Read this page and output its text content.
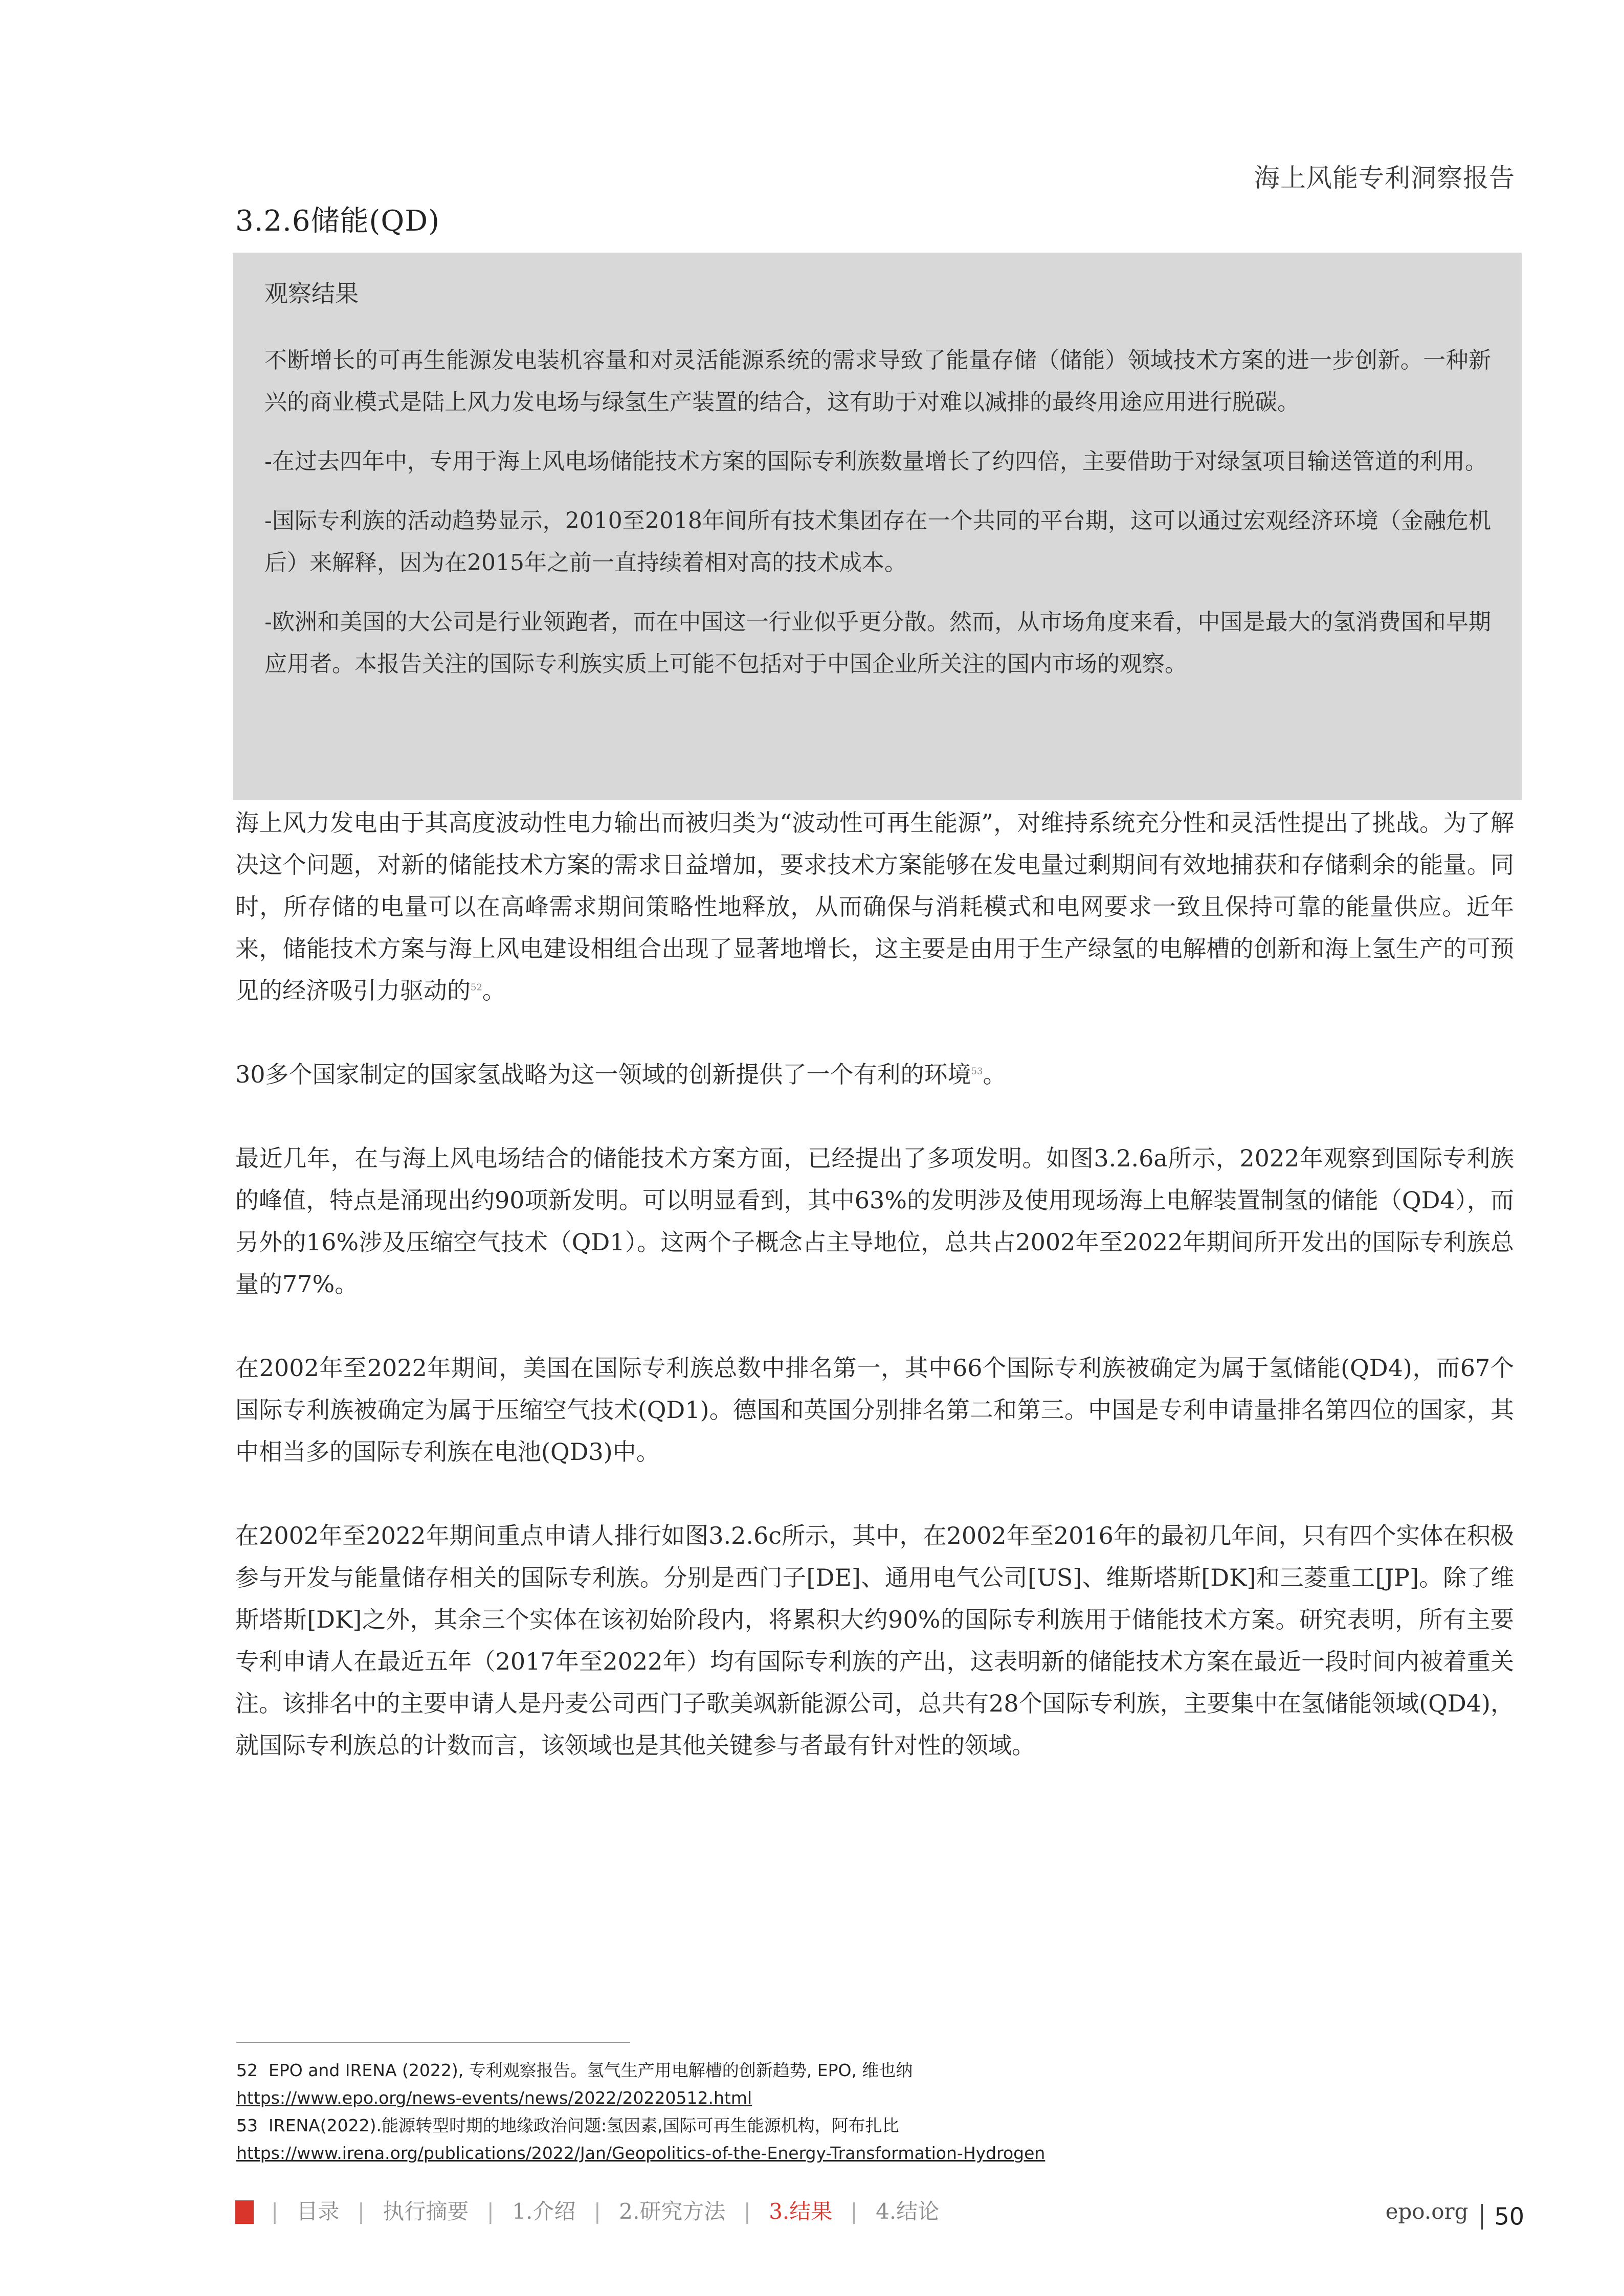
海上风能专利洞察报告
3.2.6储能(QD)
观察结果

不断增长的可再生能源发电装机容量和对灵活能源系统的需求导致了能量存储（储能）领域技术方案的进一步创新。一种新兴的商业模式是陆上风力发电场与绿氢生产装置的结合，这有助于对难以减排的最终用途应用进行脱碳。

-在过去四年中，专用于海上风电场储能技术方案的国际专利族数量增长了约四倍，主要借助于对绿氢项目输送管道的利用。

-国际专利族的活动趋势显示，2010至2018年间所有技术集团存在一个共同的平台期，这可以通过宏观经济环境（金融危机后）来解释，因为在2015年之前一直持续着相对高的技术成本。

-欧洲和美国的大公司是行业领跑者，而在中国这一行业似乎更分散。然而，从市场角度来看，中国是最大的氢消费国和早期应用者。本报告关注的国际专利族实质上可能不包括对于中国企业所关注的国内市场的观察。

海上风力发电由于其高度波动性电力输出而被归类为“波动性可再生能源”，对维持系统充分性和灵活性提出了挑战。为了解决这个问题，对新的储能技术方案的需求日益增加，要求技术方案能够在发电量过剩期间有效地捕获和存储剩余的能量。同时，所存储的电量可以在高峰需求期间策略性地释放，从而确保与消耗模式和电网要求一致且保持可靠的能量供应。近年来，储能技术方案与海上风电建设相组合出现了显著地增长，这主要是由用于生产绿氢的电解槽的创新和海上氢生产的可预见的经济吸引力驱动的$^{52}$。

30多个国家制定的国家氢战略为这一领域的创新提供了一个有利的环境$^{53}$。

最近几年，在与海上风电场结合的储能技术方案方面，已经提出了多项发明。如图3.2.6a所示，2022年观察到国际专利族的峰值，特点是涌现出约90项新发明。可以明显看到，其中63%的发明涉及使用现场海上电解装置制氢的储能（QD4），而另外的16%涉及压缩空气技术（QD1）。这两个子概念占主导地位，总共占2002年至2022年期间所开发出的国际专利族总量的77%。

在2002年至2022年期间，美国在国际专利族总数中排名第一，其中66个国际专利族被确定为属于氢储能(QD4)，而67个国际专利族被确定为属于压缩空气技术(QD1)。德国和英国分别排名第二和第三。中国是专利申请量排名第四位的国家，其中相当多的国际专利族在电池(QD3)中。

在2002年至2022年期间重点申请人排行如图3.2.6c所示，其中，在2002年至2016年的最初几年间，只有四个实体在积极参与开发与能量储存相关的国际专利族。分别是西门子[DE]、通用电气公司[US]、维斯塔斯[DK]和三菱重工[JP]。除了维斯塔斯[DK]之外，其余三个实体在该初始阶段内，将累积大约90%的国际专利族用于储能技术方案。研究表明，所有主要专利申请人在最近五年（2017年至2022年）均有国际专利族的产出，这表明新的储能技术方案在最近一段时间内被着重关注。该排名中的主要申请人是丹麦公司西门子歌美飒新能源公司，总共有28个国际专利族，主要集中在氢储能领域(QD4)，就国际专利族总的计数而言，该领域也是其他关键参与者最有针对性的领域。

52 EPO and IRENA (2022), 专利观察报告。氢气生产用电解槽的创新趋势, EPO, 维也纳
https://www.epo.org/news-events/news/2022/20220512.html
53 IRENA(2022).能源转型时期的地缘政治问题:氢因素,国际可再生能源机构，阿布扎比
https://www.irena.org/publications/2022/Jan/Geopolitics-of-the-Energy-Transformation-Hydrogen
| 目录 | 执行摘要 | 1.介绍 | 2.研究方法 | 3.结果 | 4.结论	epo.org 50
